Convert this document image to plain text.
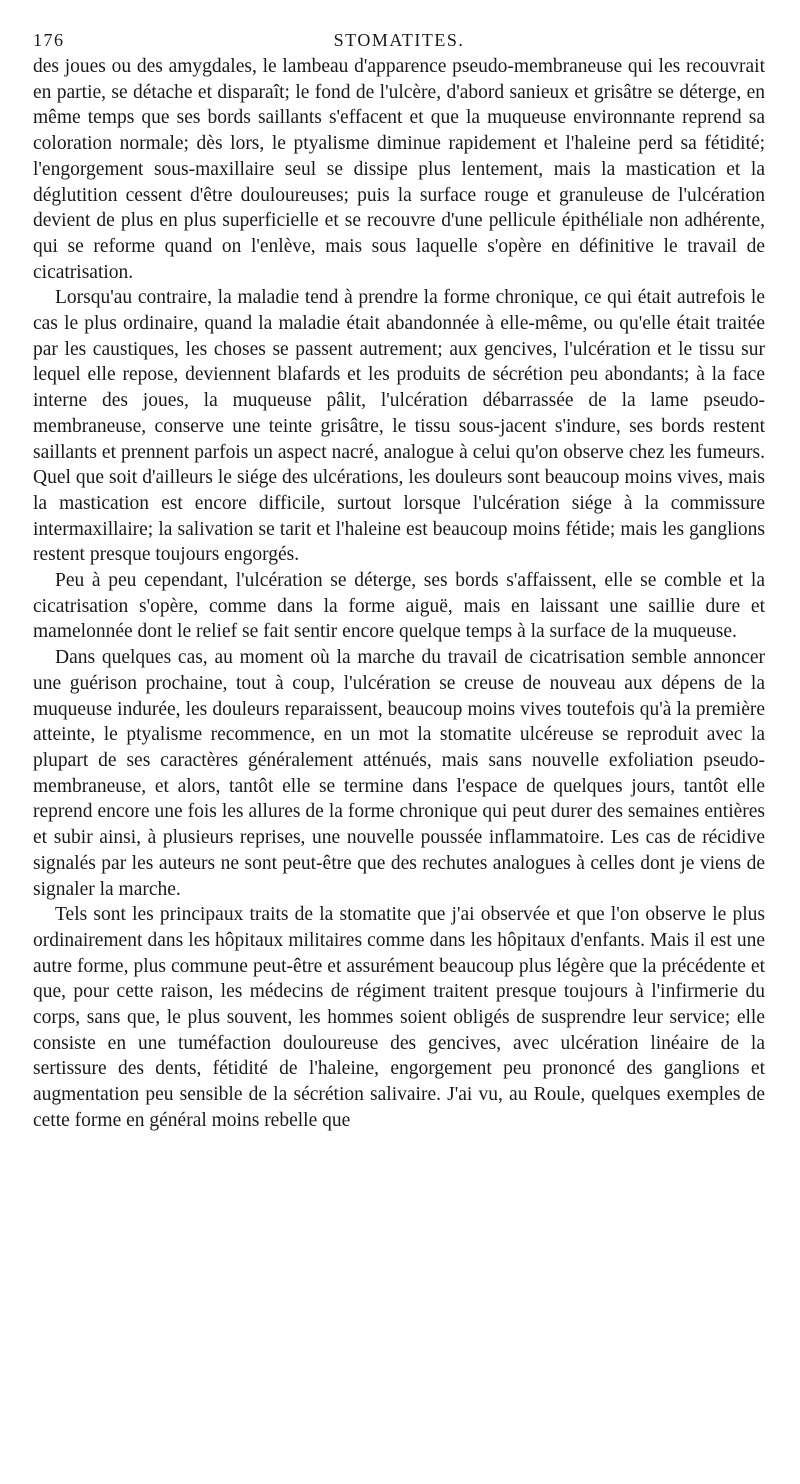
176	STOMATITES.

des joues ou des amygdales, le lambeau d'apparence pseudo-membraneuse qui les recouvrait en partie, se détache et disparaît; le fond de l'ulcère, d'abord sanieux et grisâtre se déterge, en même temps que ses bords saillants s'effacent et que la muqueuse environnante reprend sa coloration normale; dès lors, le ptyalisme diminue rapidement et l'haleine perd sa fétidité; l'engorgement sous-maxillaire seul se dissipe plus lentement, mais la mastication et la déglutition cessent d'être douloureuses; puis la surface rouge et granuleuse de l'ulcération devient de plus en plus superficielle et se recouvre d'une pellicule épithéliale non adhérente, qui se reforme quand on l'enlève, mais sous laquelle s'opère en définitive le travail de cicatrisation.

Lorsqu'au contraire, la maladie tend à prendre la forme chronique, ce qui était autrefois le cas le plus ordinaire, quand la maladie était abandonnée à elle-même, ou qu'elle était traitée par les caustiques, les choses se passent autrement; aux gencives, l'ulcération et le tissu sur lequel elle repose, deviennent blafards et les produits de sécrétion peu abondants; à la face interne des joues, la muqueuse pâlit, l'ulcération débarrassée de la lame pseudo-membraneuse, conserve une teinte grisâtre, le tissu sous-jacent s'indure, ses bords restent saillants et prennent parfois un aspect nacré, analogue à celui qu'on observe chez les fumeurs. Quel que soit d'ailleurs le siége des ulcérations, les douleurs sont beaucoup moins vives, mais la mastication est encore difficile, surtout lorsque l'ulcération siége à la commissure intermaxillaire; la salivation se tarit et l'haleine est beaucoup moins fétide; mais les ganglions restent presque toujours engorgés.

Peu à peu cependant, l'ulcération se déterge, ses bords s'affaissent, elle se comble et la cicatrisation s'opère, comme dans la forme aiguë, mais en laissant une saillie dure et mamelonnée dont le relief se fait sentir encore quelque temps à la surface de la muqueuse.

Dans quelques cas, au moment où la marche du travail de cicatrisation semble annoncer une guérison prochaine, tout à coup, l'ulcération se creuse de nouveau aux dépens de la muqueuse indurée, les douleurs reparaissent, beaucoup moins vives toutefois qu'à la première atteinte, le ptyalisme recommence, en un mot la stomatite ulcéreuse se reproduit avec la plupart de ses caractères généralement atténués, mais sans nouvelle exfoliation pseudo-membraneuse, et alors, tantôt elle se termine dans l'espace de quelques jours, tantôt elle reprend encore une fois les allures de la forme chronique qui peut durer des semaines entières et subir ainsi, à plusieurs reprises, une nouvelle poussée inflammatoire. Les cas de récidive signalés par les auteurs ne sont peut-être que des rechutes analogues à celles dont je viens de signaler la marche.

Tels sont les principaux traits de la stomatite que j'ai observée et que l'on observe le plus ordinairement dans les hôpitaux militaires comme dans les hôpitaux d'enfants. Mais il est une autre forme, plus commune peut-être et assurément beaucoup plus légère que la précédente et que, pour cette raison, les médecins de régiment traitent presque toujours à l'infirmerie du corps, sans que, le plus souvent, les hommes soient obligés de susprendre leur service; elle consiste en une tuméfaction douloureuse des gencives, avec ulcération linéaire de la sertissure des dents, fétidité de l'haleine, engorgement peu prononcé des ganglions et augmentation peu sensible de la sécrétion salivaire. J'ai vu, au Roule, quelques exemples de cette forme en général moins rebelle que
